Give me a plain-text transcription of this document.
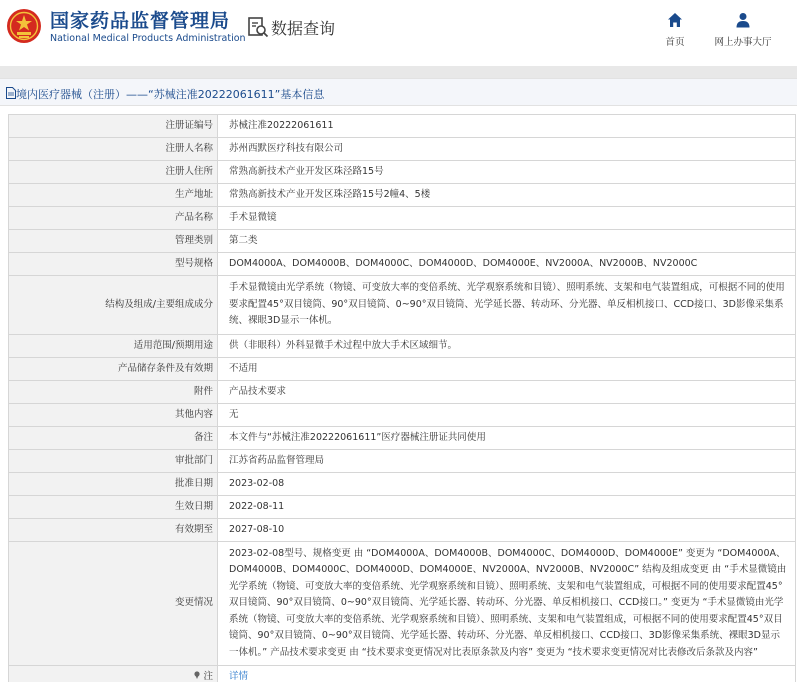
国家药品监督管理局
National Medical Products Administration
数据查询
首页	网上办事大厅
境内医疗器械（注册）——“苏械注准20222061611”基本信息
注册证编号	苏械注准20222061611
注册人名称	苏州西默医疗科技有限公司
注册人住所	常熟高新技术产业开发区珠泾路15号
生产地址	常熟高新技术产业开发区珠泾路15号2幢4、5楼
产品名称	手术显微镜
管理类别	第二类
型号规格	DOM4000A、DOM4000B、DOM4000C、DOM4000D、DOM4000E、NV2000A、NV2000B、NV2000C
结构及组成/主要组成成分	手术显微镜由光学系统（物镜、可变放大率的变倍系统、光学观察系统和目镜）、照明系统、支架和电气装置组成，可根据不同的使用要求配置45°双目镜筒、90°双目镜筒、0~90°双目镜筒、光学延长器、转动环、分光器、单反相机接口、CCD接口、3D影像采集系统、裸眼3D显示一体机。
适用范围/预期用途	供（非眼科）外科显微手术过程中放大手术区域细节。
产品储存条件及有效期	不适用
附件	产品技术要求
其他内容	无
备注	本文件与“苏械注准20222061611”医疗器械注册证共同使用
审批部门	江苏省药品监督管理局
批准日期	2023-02-08
生效日期	2022-08-11
有效期至	2027-08-10
变更情况	2023-02-08型号、规格变更 由 “DOM4000A、DOM4000B、DOM4000C、DOM4000D、DOM4000E” 变更为 “DOM4000A、DOM4000B、DOM4000C、DOM4000D、DOM4000E、NV2000A、NV2000B、NV2000C” 结构及组成变更 由 “手术显微镜由光学系统（物镜、可变放大率的变倍系统、光学观察系统和目镜）、照明系统、支架和电气装置组成，可根据不同的使用要求配置45°双目镜筒、90°双目镜筒、0~90°双目镜筒、光学延长器、转动环、分光器、单反相机接口、CCD接口。” 变更为 “手术显微镜由光学系统（物镜、可变放大率的变倍系统、光学观察系统和目镜）、照明系统、支架和电气装置组成，可根据不同的使用要求配置45°双目镜筒、90°双目镜筒、0~90°双目镜筒、光学延长器、转动环、分光器、单反相机接口、CCD接口、3D影像采集系统、裸眼3D显示一体机。” 产品技术要求变更 由 “技术要求变更情况对比表原条款及内容” 变更为 “技术要求变更情况对比表修改后条款及内容”
注	详情
